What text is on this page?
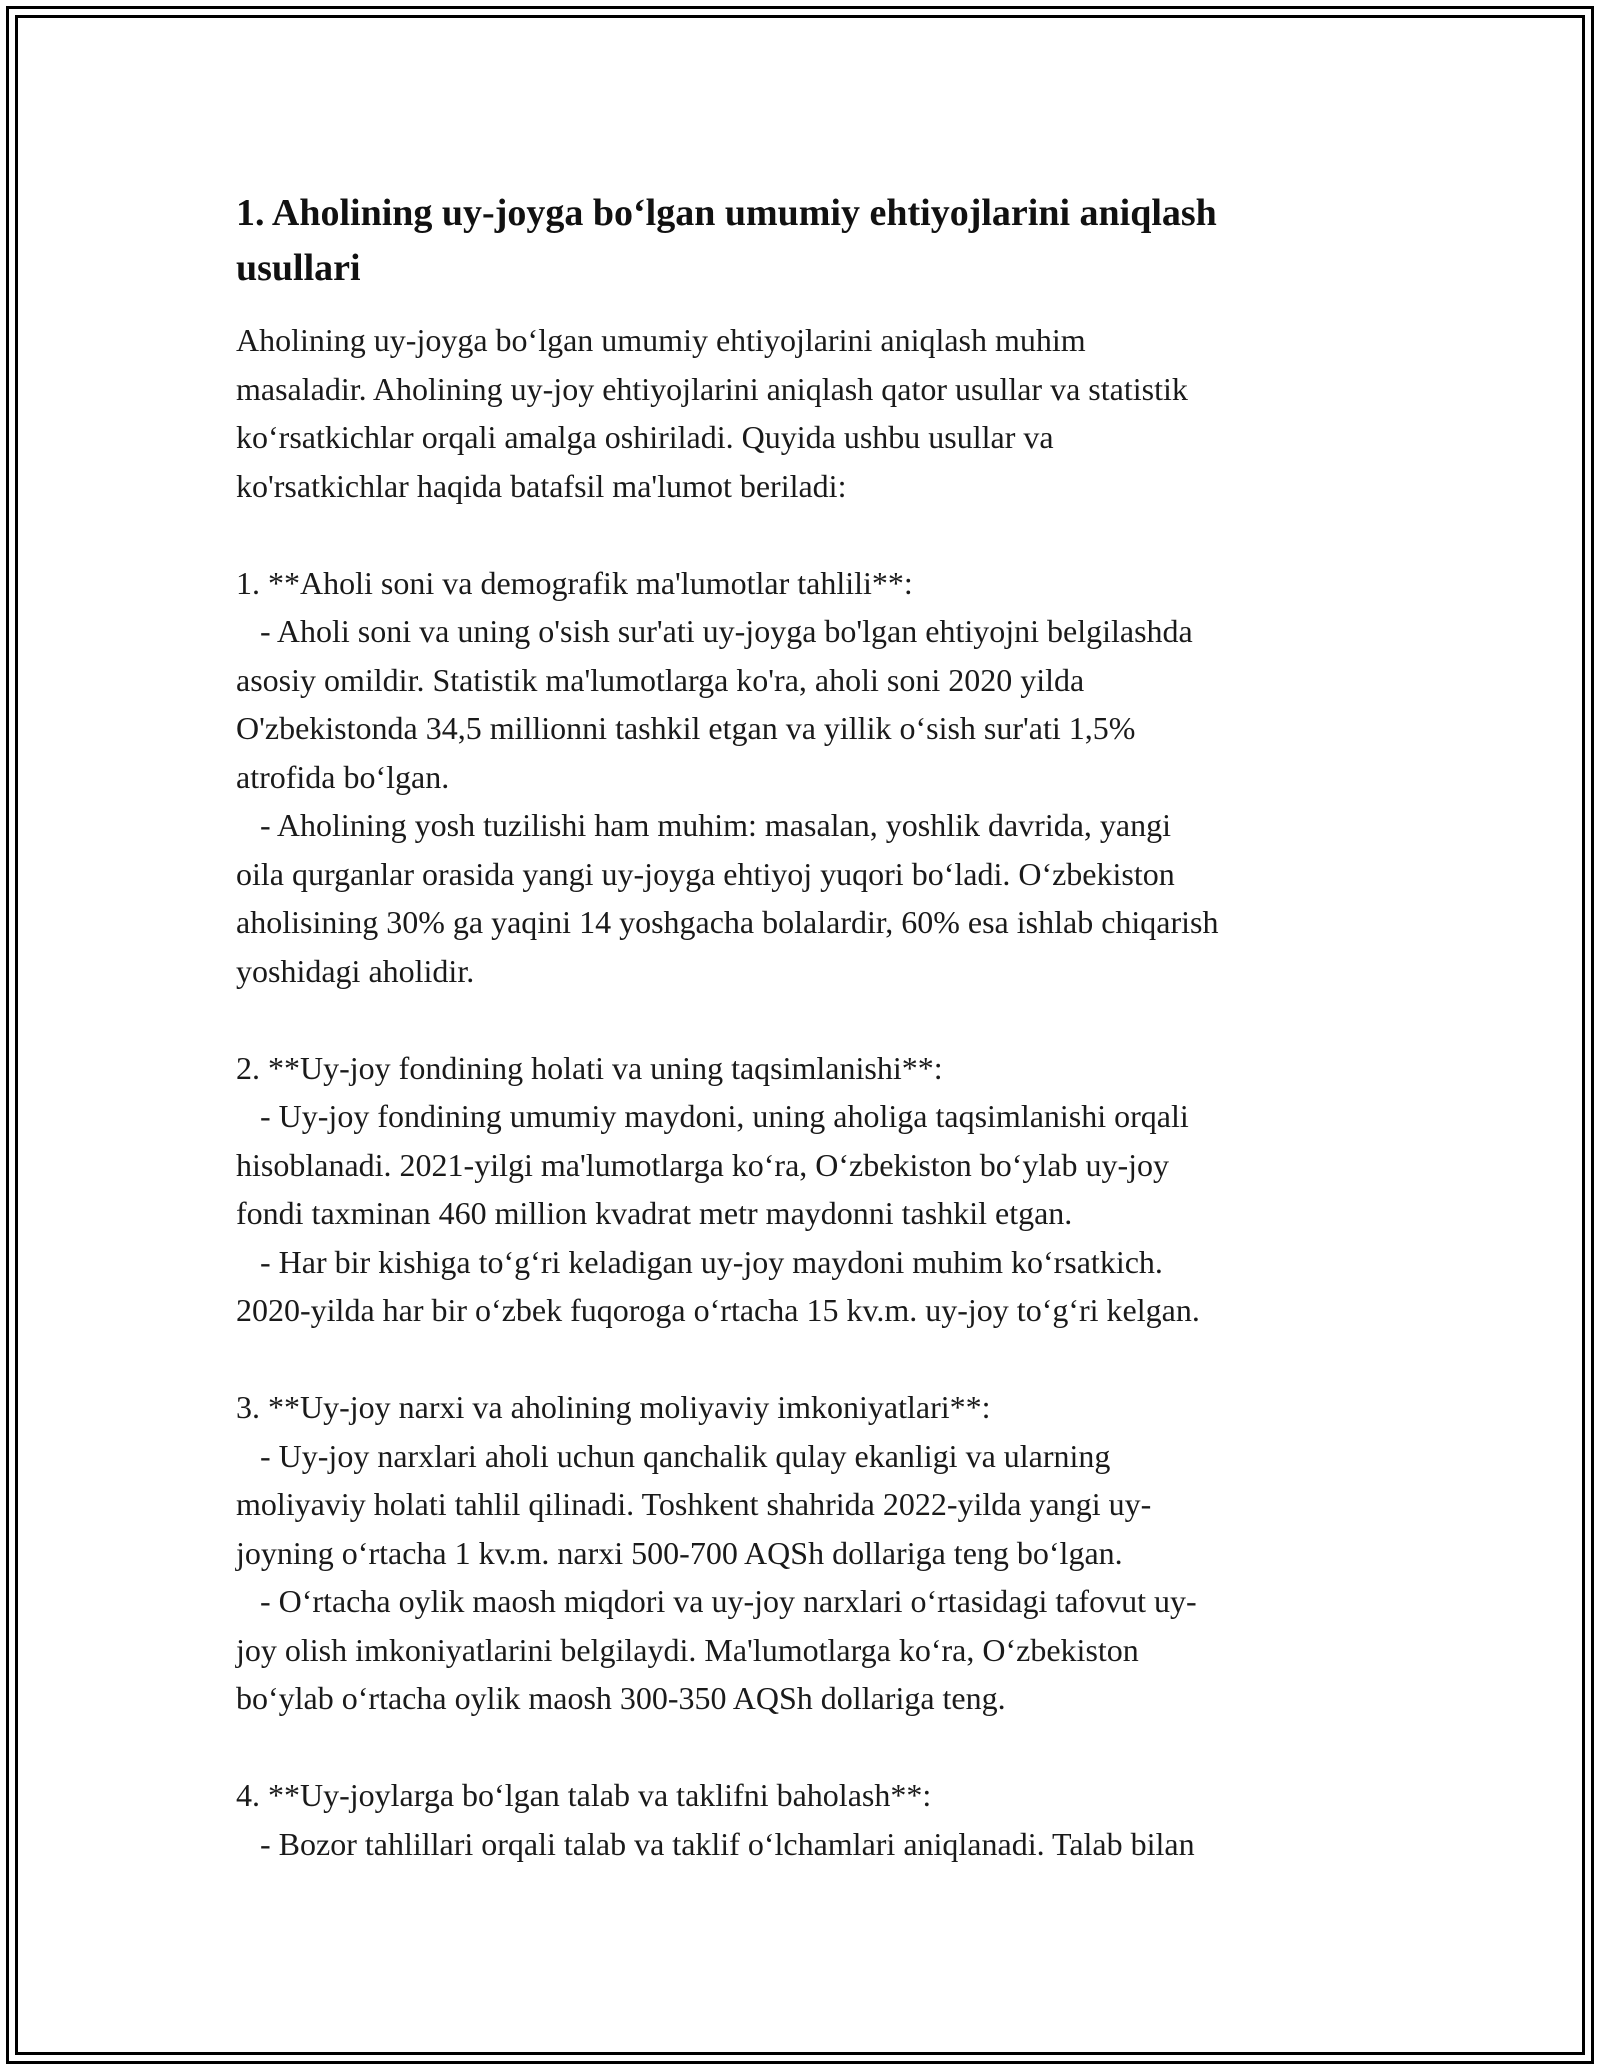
1. Aholining uy-joyga bo‘lgan umumiy ehtiyojlarini aniqlash
usullari
Aholining uy-joyga bo‘lgan umumiy ehtiyojlarini aniqlash muhim
masaladir. Aholining uy-joy ehtiyojlarini aniqlash qator usullar va statistik
ko‘rsatkichlar orqali amalga oshiriladi. Quyida ushbu usullar va
ko'rsatkichlar haqida batafsil ma'lumot beriladi:
1. **Aholi soni va demografik ma'lumotlar tahlili**:
- Aholi soni va uning o'sish sur'ati uy-joyga bo'lgan ehtiyojni belgilashda
asosiy omildir. Statistik ma'lumotlarga ko'ra, aholi soni 2020 yilda
O'zbekistonda 34,5 millionni tashkil etgan va yillik o‘sish sur'ati 1,5%
atrofida bo‘lgan.
- Aholining yosh tuzilishi ham muhim: masalan, yoshlik davrida, yangi
oila qurganlar orasida yangi uy-joyga ehtiyoj yuqori bo‘ladi. O‘zbekiston
aholisining 30% ga yaqini 14 yoshgacha bolalardir, 60% esa ishlab chiqarish
yoshidagi aholidir.
2. **Uy-joy fondining holati va uning taqsimlanishi**:
- Uy-joy fondining umumiy maydoni, uning aholiga taqsimlanishi orqali
hisoblanadi. 2021-yilgi ma'lumotlarga ko‘ra, O‘zbekiston bo‘ylab uy-joy
fondi taxminan 460 million kvadrat metr maydonni tashkil etgan.
- Har bir kishiga to‘g‘ri keladigan uy-joy maydoni muhim ko‘rsatkich.
2020-yilda har bir o‘zbek fuqoroga o‘rtacha 15 kv.m. uy-joy to‘g‘ri kelgan.
3. **Uy-joy narxi va aholining moliyaviy imkoniyatlari**:
- Uy-joy narxlari aholi uchun qanchalik qulay ekanligi va ularning
moliyaviy holati tahlil qilinadi. Toshkent shahrida 2022-yilda yangi uy-
joyning o‘rtacha 1 kv.m. narxi 500-700 AQSh dollariga teng bo‘lgan.
- O‘rtacha oylik maosh miqdori va uy-joy narxlari o‘rtasidagi tafovut uy-
joy olish imkoniyatlarini belgilaydi. Ma'lumotlarga ko‘ra, O‘zbekiston
bo‘ylab o‘rtacha oylik maosh 300-350 AQSh dollariga teng.
4. **Uy-joylarga bo‘lgan talab va taklifni baholash**:
- Bozor tahlillari orqali talab va taklif o‘lchamlari aniqlanadi. Talab bilan
